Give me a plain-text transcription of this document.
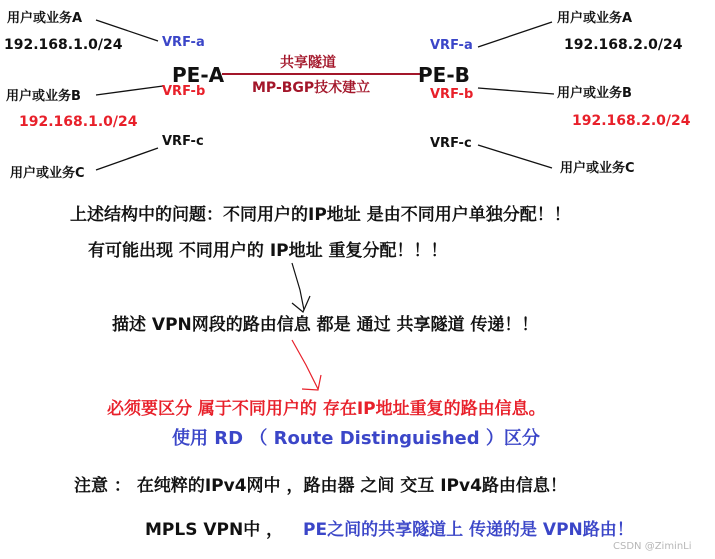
用户或业务A
192.168.1.0/24	VRF-a
PE-A
VRF-b
用户或业务B
192.168.1.0/24
VRF-c
用户或业务C
共享隧道
MP-BGP技术建立
PE-B
VRF-a
VRF-b
VRF-c
用户或业务A
192.168.2.0/24
用户或业务B
192.168.2.0/24
用户或业务C
上述结构中的问题：不同用户的IP地址 是由不同用户单独分配！！
有可能出现 不同用户的 IP地址 重复分配！！！
描述 VPN网段的路由信息 都是 通过 共享隧道 传递！！
必须要区分 属于不同用户的 存在IP地址重复的路由信息。
使用 RD （ Route Distinguished ）区分
注意 ： 在纯粹的IPv4网中 ，路由器 之间 交互 IPv4路由信息！
MPLS VPN中 ， PE之间的共享隧道上 传递的是 VPN路由！
CSDN @ZiminLi
